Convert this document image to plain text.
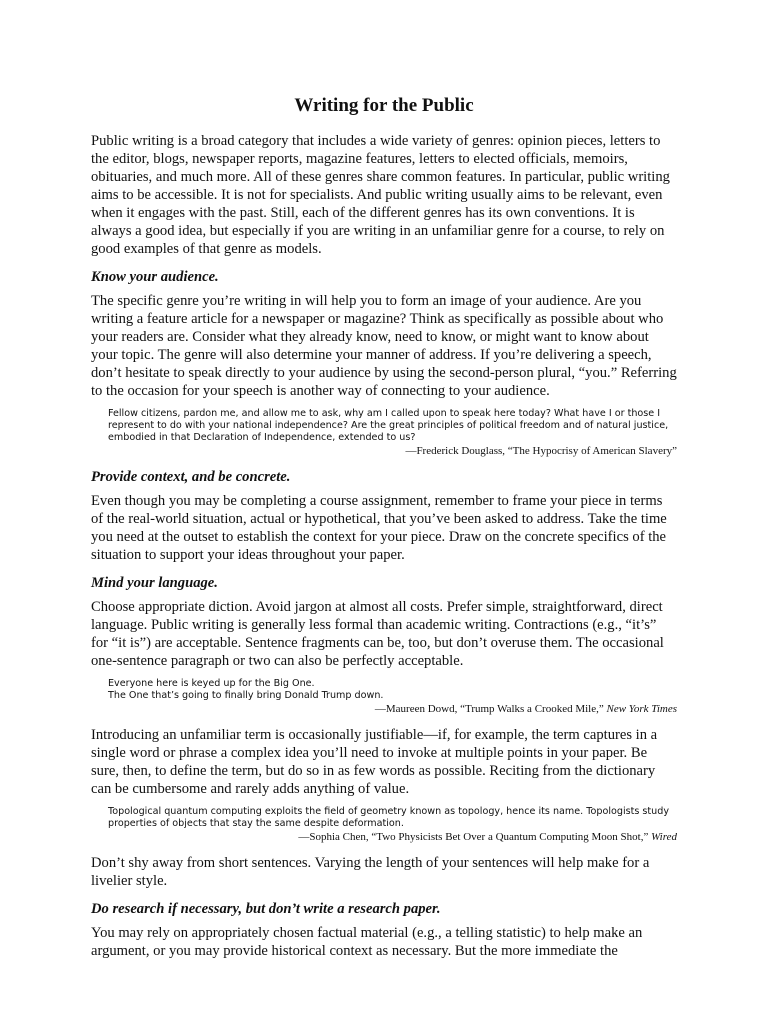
Writing for the Public

Public writing is a broad category that includes a wide variety of genres: opinion pieces, letters to the editor, blogs, newspaper reports, magazine features, letters to elected officials, memoirs, obituaries, and much more. All of these genres share common features. In particular, public writing aims to be accessible. It is not for specialists. And public writing usually aims to be relevant, even when it engages with the past. Still, each of the different genres has its own conventions. It is always a good idea, but especially if you are writing in an unfamiliar genre for a course, to rely on good examples of that genre as models.

Know your audience.

The specific genre you’re writing in will help you to form an image of your audience. Are you writing a feature article for a newspaper or magazine? Think as specifically as possible about who your readers are. Consider what they already know, need to know, or might want to know about your topic. The genre will also determine your manner of address. If you’re delivering a speech, don’t hesitate to speak directly to your audience by using the second-person plural, “you.” Referring to the occasion for your speech is another way of connecting to your audience.

Fellow citizens, pardon me, and allow me to ask, why am I called upon to speak here today? What have I or those I represent to do with your national independence? Are the great principles of political freedom and of natural justice, embodied in that Declaration of Independence, extended to us?
—Frederick Douglass, “The Hypocrisy of American Slavery”
Provide context, and be concrete.

Even though you may be completing a course assignment, remember to frame your piece in terms of the real-world situation, actual or hypothetical, that you’ve been asked to address. Take the time you need at the outset to establish the context for your piece. Draw on the concrete specifics of the situation to support your ideas throughout your paper.

Mind your language.

Choose appropriate diction. Avoid jargon at almost all costs. Prefer simple, straightforward, direct language. Public writing is generally less formal than academic writing. Contractions (e.g., “it’s” for “it is”) are acceptable. Sentence fragments can be, too, but don’t overuse them. The occasional one-sentence paragraph or two can also be perfectly acceptable.

Everyone here is keyed up for the Big One.
The One that’s going to finally bring Donald Trump down.
—Maureen Dowd, “Trump Walks a Crooked Mile,” New York Times

Introducing an unfamiliar term is occasionally justifiable—if, for example, the term captures in a single word or phrase a complex idea you’ll need to invoke at multiple points in your paper. Be sure, then, to define the term, but do so in as few words as possible. Reciting from the dictionary can be cumbersome and rarely adds anything of value.

Topological quantum computing exploits the field of geometry known as topology, hence its name. Topologists study properties of objects that stay the same despite deformation.
—Sophia Chen, “Two Physicists Bet Over a Quantum Computing Moon Shot,” Wired

Don’t shy away from short sentences. Varying the length of your sentences will help make for a livelier style.

Do research if necessary, but don’t write a research paper.

You may rely on appropriately chosen factual material (e.g., a telling statistic) to help make an argument, or you may provide historical context as necessary. But the more immediate the
